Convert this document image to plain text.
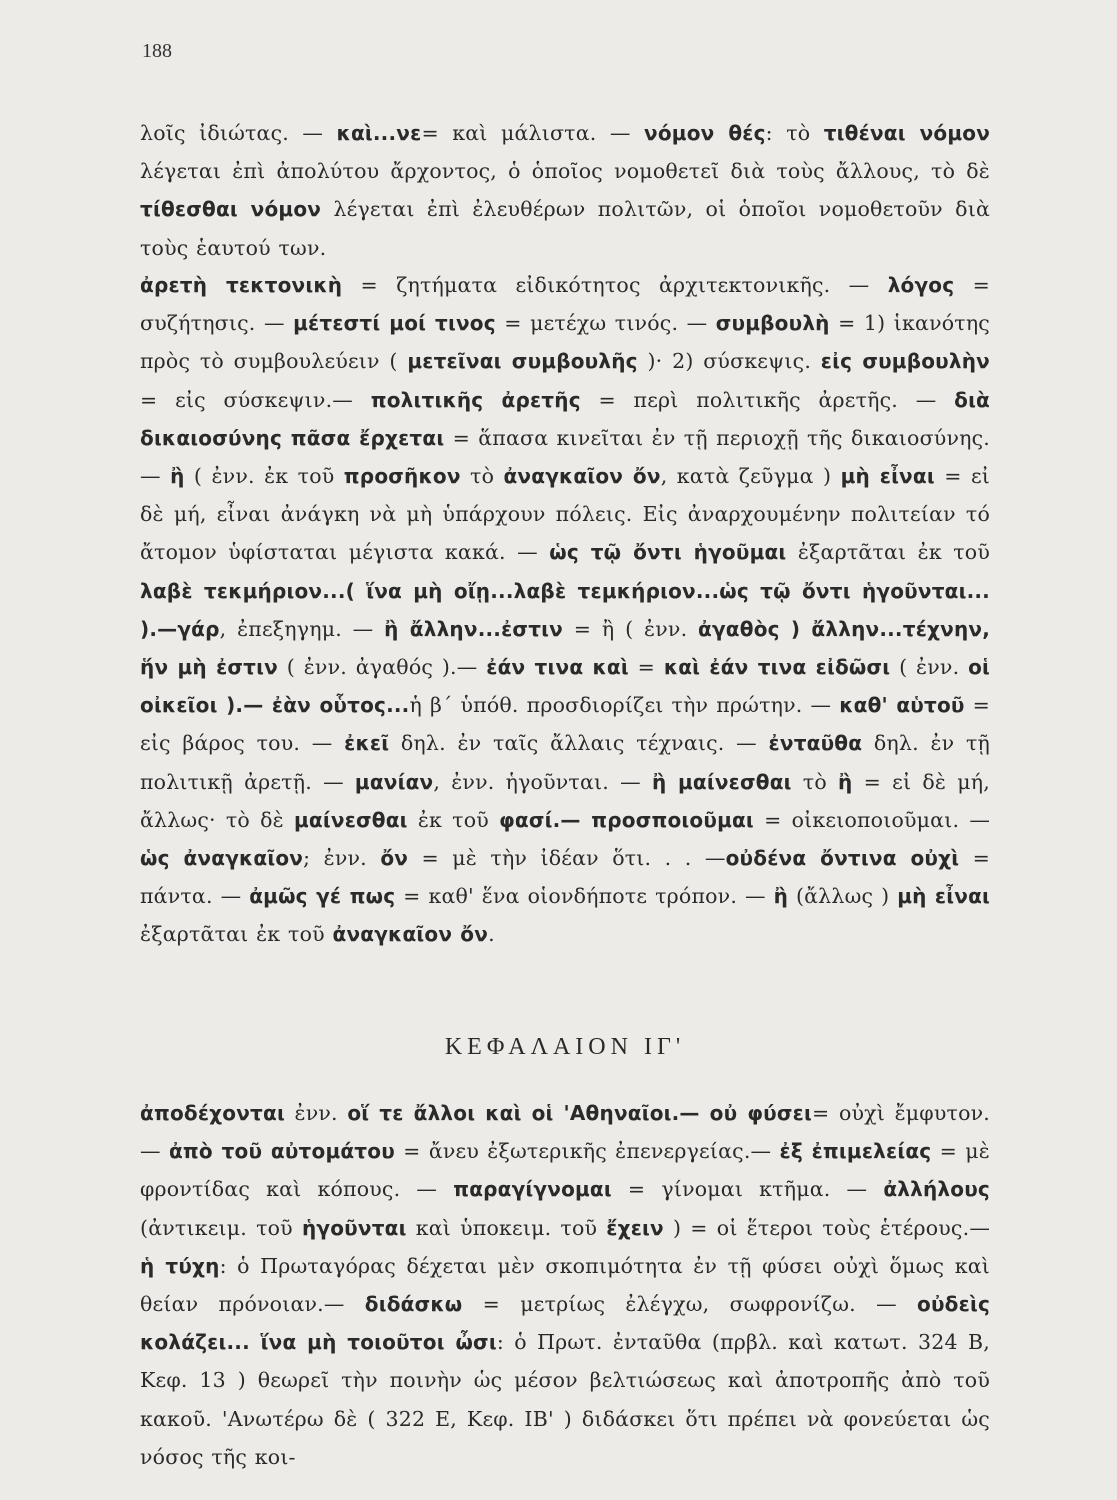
188

λοῖς ἰδιώτας. — καὶ...νε= καὶ μάλιστα. — νόμον θές: τὸ τιθέναι νόμον λέγεται ἐπὶ ἀπολύτου ἄρχοντος, ὁ ὁποῖος νομοθετεῖ διὰ τοὺς ἄλλους, τὸ δὲ τίθεσθαι νόμον λέγεται ἐπὶ ἐλευθέρων πολιτῶν, οἱ ὁποῖοι νομοθετοῦν διὰ τοὺς ἑαυτού των.

ἀρετὴ τεκτονικὴ = ζητήματα εἰδικότητος ἀρχιτεκτονικῆς. — λόγος = συζήτησις. — μέτεστί μοί τινος = μετέχω τινός. — συμβουλὴ = 1) ἱκανότης πρὸς τὸ συμβουλεύειν ( μετεῖναι συμβουλῆς )· 2) σύσκεψις. εἰς συμβουλὴν = εἰς σύσκεψιν.— πολιτικῆς ἀρετῆς = περὶ πολιτικῆς ἀρετῆς. — διὰ δικαιοσύνης πᾶσα ἔρχεται = ἅπασα κινεῖται ἐν τῇ περιοχῇ τῆς δικαιοσύνης. — ἢ ( ἐνν. ἐκ τοῦ προσῆκον τὸ ἀναγκαῖον ὄν, κατὰ ζεῦγμα ) μὴ εἶναι = εἰ δὲ μή, εἶναι ἀνάγκη νὰ μὴ ὑπάρχουν πόλεις. Εἰς ἀναρχουμένην πολιτείαν τό ἄτομον ὑφίσταται μέγιστα κακά. — ὡς τῷ ὄντι ἡγοῦμαι ἐξαρτᾶται ἐκ τοῦ λαβὲ τεκμήριον...( ἵνα μὴ οἴῃ...λαβὲ τεμκήριον...ὡς τῷ ὄντι ἡγοῦνται... ).—γάρ, ἐπεξηγημ. — ἢ ἄλλην...ἐστιν = ἢ ( ἐνν. ἀγαθὸς ) ἄλλην...τέχνην, ἥν μὴ ἐστιν ( ἐνν. ἀγαθός ).— ἐάν τινα καὶ = καὶ ἐάν τινα εἰδῶσι ( ἐνν. οἱ οἰκεῖοι ).— ἐὰν οὗτος...ἡ β΄ ὑπόθ. προσδιορίζει τὴν πρώτην. — καθ' αὑτοῦ = εἰς βάρος του. — ἐκεῖ δηλ. ἐν ταῖς ἄλλαις τέχναις. — ἐνταῦθα δηλ. ἐν τῇ πολιτικῇ ἀρετῇ. — μανίαν, ἐνν. ἡγοῦνται. — ἢ μαίνεσθαι τὸ ἢ = εἰ δὲ μή, ἄλλως· τὸ δὲ μαίνεσθαι ἐκ τοῦ φασί.— προσποιοῦμαι = οἰκειοποιοῦμαι. — ὡς ἀναγκαῖον; ἐνν. ὄν = μὲ τὴν ἰδέαν ὅτι. . . —οὐδένα ὄντινα οὐχὶ = πάντα. — ἀμῶς γέ πως = καθ' ἕνα οἱονδήποτε τρόπον. — ἢ (ἄλλως ) μὴ εἶναι ἐξαρτᾶται ἐκ τοῦ ἀναγκαῖον ὄν.

ΚΕΦΑΛΑΙΟΝ ΙΓ'

ἀποδέχονται ἐνν. οἵ τε ἄλλοι καὶ οἱ 'Αθηναῖοι.— οὐ φύσει= οὐχὶ ἔμφυτον.— ἀπὸ τοῦ αὐτομάτου = ἄνευ ἐξωτερικῆς ἐπενεργείας.— ἐξ ἐπιμελείας = μὲ φροντίδας καὶ κόπους. — παραγίγνομαι = γίνομαι κτῆμα. — ἀλλήλους (ἀντικειμ. τοῦ ἡγοῦνται καὶ ὑποκειμ. τοῦ ἔχειν ) = οἱ ἕτεροι τοὺς ἑτέρους.— ἡ τύχη: ὁ Πρωταγόρας δέχεται μὲν σκοπιμότητα ἐν τῇ φύσει οὐχὶ ὅμως καὶ θείαν πρόνοιαν.— διδάσκω = μετρίως ἐλέγχω, σωφρονίζω. — οὐδεὶς κολάζει... ἵνα μὴ τοιοῦτοι ὦσι: ὁ Πρωτ. ἐνταῦθα (πρβλ. καὶ κατωτ. 324 B, Κεφ. 13 ) θεωρεῖ τὴν ποινὴν ὡς μέσον βελτιώσεως καὶ ἀποτροπῆς ἀπὸ τοῦ κακοῦ. 'Ανωτέρω δὲ ( 322 E, Κεφ. ΙΒ' ) διδάσκει ὅτι πρέπει νὰ φονεύεται ὡς νόσος τῆς κοι-
